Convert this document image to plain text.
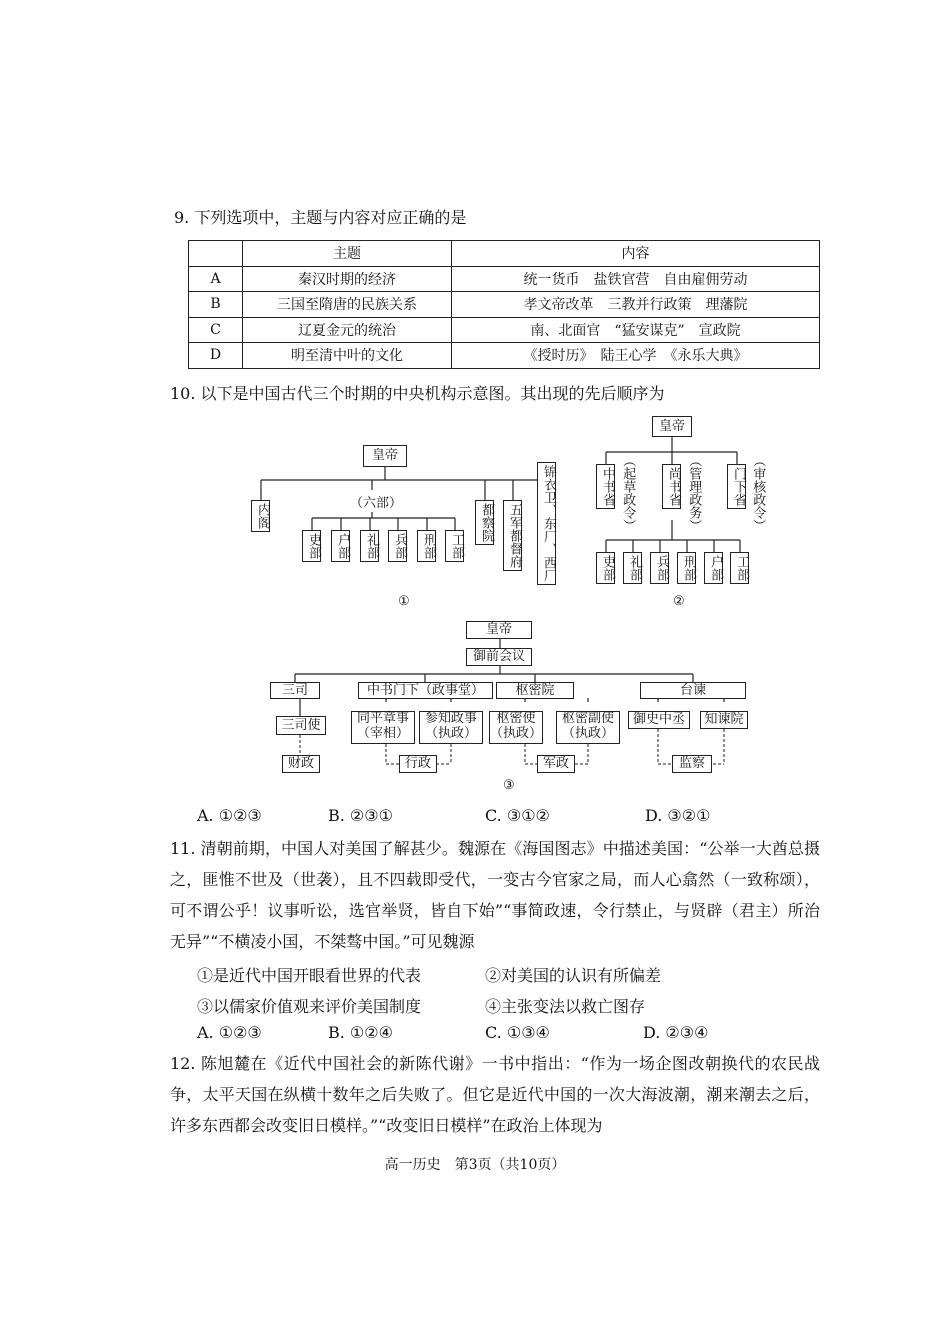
9. 下列选项中，主题与内容对应正确的是
	主题	内容
A	秦汉时期的经济	统一货币　盐铁官营　自由雇佣劳动
B	三国至隋唐的民族关系	孝文帝改革　三教并行政策　理藩院
C	辽夏金元的统治	南、北面官　“猛安谋克”　宣政院
D	明至清中叶的文化	《授时历》　陆王心学　《永乐大典》
10. 以下是中国古代三个时期的中央机构示意图。其出现的先后顺序为
皇帝
内阁	（六部）
吏部	户部	礼部	兵部	刑部	工部
都察院	五军都督府	锦衣卫、东厂、西厂
①
皇帝
中书省 （起草政令）	尚书省 （管理政务）	门下省 （审核政令）
吏部 礼部 兵部 刑部 户部 工部
②
皇帝
御前会议
三司	中书门下（政事堂）	枢密院	台谏
三司使	同平章事
（宰相）
参知政事
（执政）
枢密使
（执政）
枢密副使
（执政）
御史中丞	知谏院
财政	行政	军政	监察
③
A. ①②③	B. ②③①	C. ③①②	D. ③②①
11. 清朝前期，中国人对美国了解甚少。魏源在《海国图志》中描述美国：“公举一大酋总摄之，匪惟不世及（世袭），且不四载即受代，一变古今官家之局，而人心翕然（一致称颂），可不谓公乎！议事听讼，选官举贤，皆自下始”“事简政速，令行禁止，与贤辟（君主）所治无异”“不横凌小国，不桀骜中国。”可见魏源
①是近代中国开眼看世界的代表	②对美国的认识有所偏差
③以儒家价值观来评价美国制度	④主张变法以救亡图存
A. ①②③	B. ①②④	C. ①③④	D. ②③④
12. 陈旭麓在《近代中国社会的新陈代谢》一书中指出：“作为一场企图改朝换代的农民战争，太平天国在纵横十数年之后失败了。但它是近代中国的一次大海波潮，潮来潮去之后，许多东西都会改变旧日模样。”“改变旧日模样”在政治上体现为
高一历史　第3页（共10页）
